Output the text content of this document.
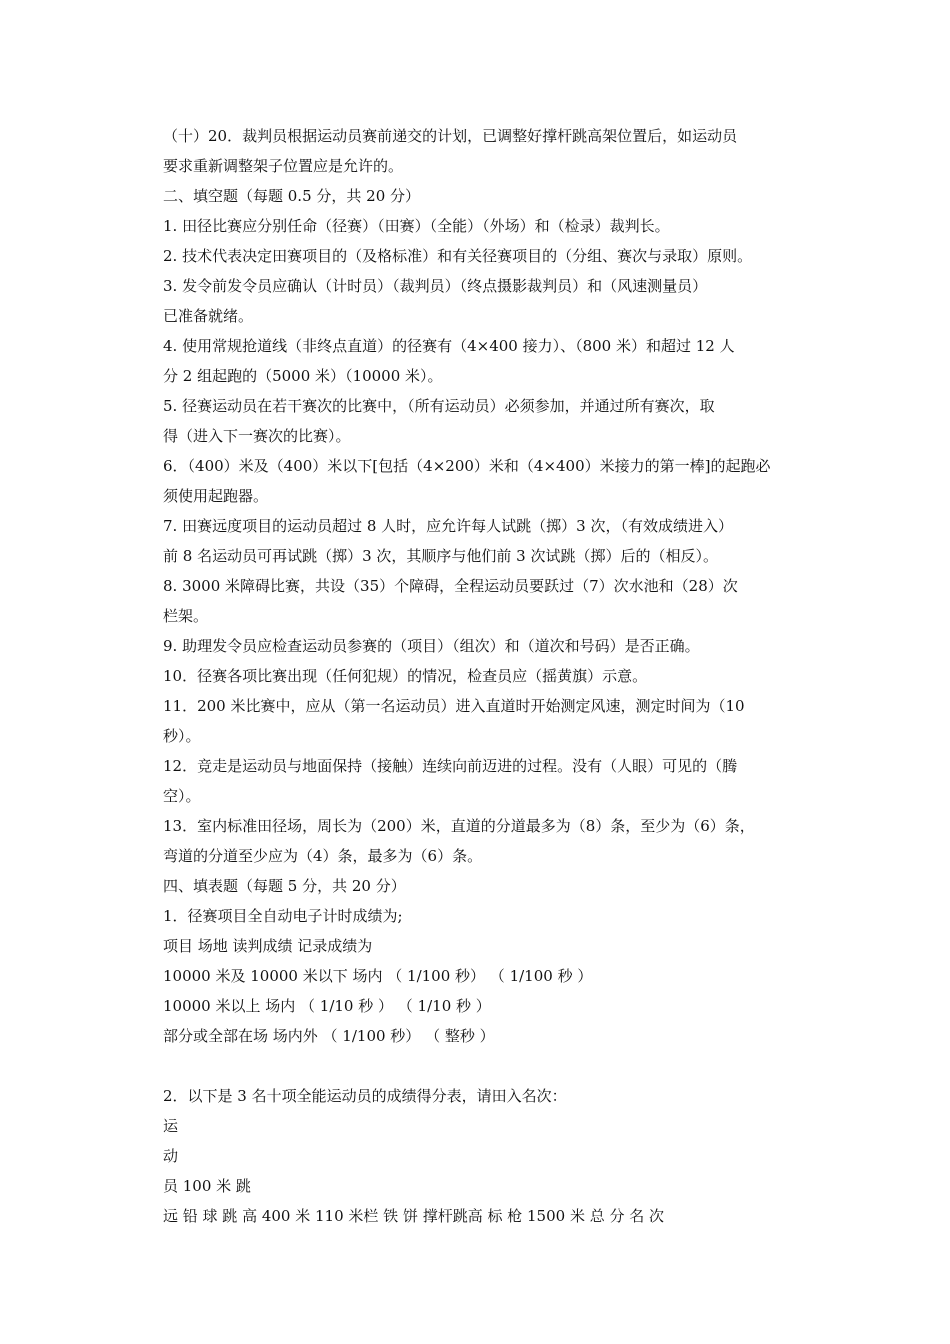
（十）20．裁判员根据运动员赛前递交的计划，已调整好撑杆跳高架位置后，如运动员
要求重新调整架子位置应是允许的。
二、填空题（每题 0.5 分，共 20 分）
1. 田径比赛应分别任命（径赛）（田赛）（全能）（外场）和（检录）裁判长。
2. 技术代表决定田赛项目的（及格标准）和有关径赛项目的（分组、赛次与录取）原则。
3. 发令前发令员应确认（计时员）（裁判员）（终点摄影裁判员）和（风速测量员）
已准备就绪。
4. 使用常规抢道线（非终点直道）的径赛有（4×400 接力）、（800 米）和超过 12 人
分 2 组起跑的（5000 米）（10000 米）。
5. 径赛运动员在若干赛次的比赛中，（所有运动员）必须参加，并通过所有赛次，取
得（进入下一赛次的比赛）。
6．（400）米及（400）米以下[包括（4×200）米和（4×400）米接力的第一棒]的起跑必
须使用起跑器。
7. 田赛远度项目的运动员超过 8 人时，应允许每人试跳（掷）3 次，（有效成绩进入）
前 8 名运动员可再试跳（掷）3 次，其顺序与他们前 3 次试跳（掷）后的（相反）。
8. 3000 米障碍比赛，共设（35）个障碍，全程运动员要跃过（7）次水池和（28）次
栏架。
9. 助理发令员应检查运动员参赛的（项目）（组次）和（道次和号码）是否正确。
10．径赛各项比赛出现（任何犯规）的情况，检查员应（摇黄旗）示意。
11．200 米比赛中，应从（第一名运动员）进入直道时开始测定风速，测定时间为（10
秒）。
12．竞走是运动员与地面保持（接触）连续向前迈进的过程。没有（人眼）可见的（腾
空）。
13．室内标准田径场，周长为（200）米，直道的分道最多为（8）条，至少为（6）条，
弯道的分道至少应为（4）条，最多为（6）条。
四、填表题（每题 5 分，共 20 分）
1．径赛项目全自动电子计时成绩为;
项目 场地 读判成绩 记录成绩为
10000 米及 10000 米以下 场内 （ 1/100 秒） （ 1/100 秒 ）
10000 米以上 场内 （ 1/10 秒 ） （ 1/10 秒 ）
部分或全部在场 场内外 （ 1/100 秒） （ 整秒 ）
2．以下是 3 名十项全能运动员的成绩得分表，请田入名次：
运
动
员 100 米 跳
远 铅 球 跳 高 400 米 110 米栏 铁 饼 撑杆跳高 标 枪 1500 米 总 分 名 次
